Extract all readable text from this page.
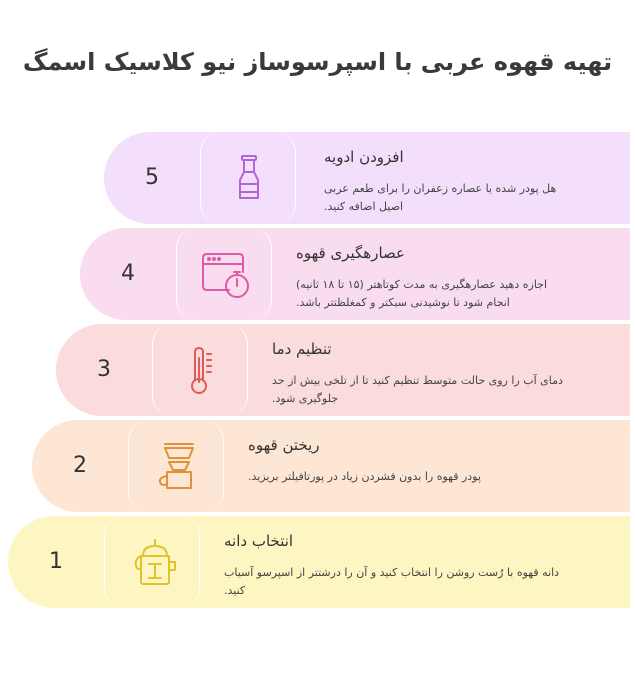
تهیه قهوه عربی با اسپرسوساز نیو کلاسیک اسمگ
5
افزودن ادویه
هل پودر شده یا عصاره زعفران را برای طعم عربی
اصیل اضافه کنید.
4
عصارهگیری قهوه
اجازه دهید عصارهگیری به مدت کوتاهتر (۱۵ تا ۱۸ ثانیه)
انجام شود تا نوشیدنی سبکتر و کمغلظتتر باشد.
3
تنظیم دما
دمای آب را روی حالت متوسط تنظیم کنید تا از تلخی بیش از حد
جلوگیری شود.
2
ریختن قهوه
پودر قهوه را بدون فشردن زیاد در پورتافیلتر بریزید.
1
انتخاب دانه
دانه قهوه با رُست روشن را انتخاب کنید و آن را درشتتر از اسپرسو آسیاب
کنید.
